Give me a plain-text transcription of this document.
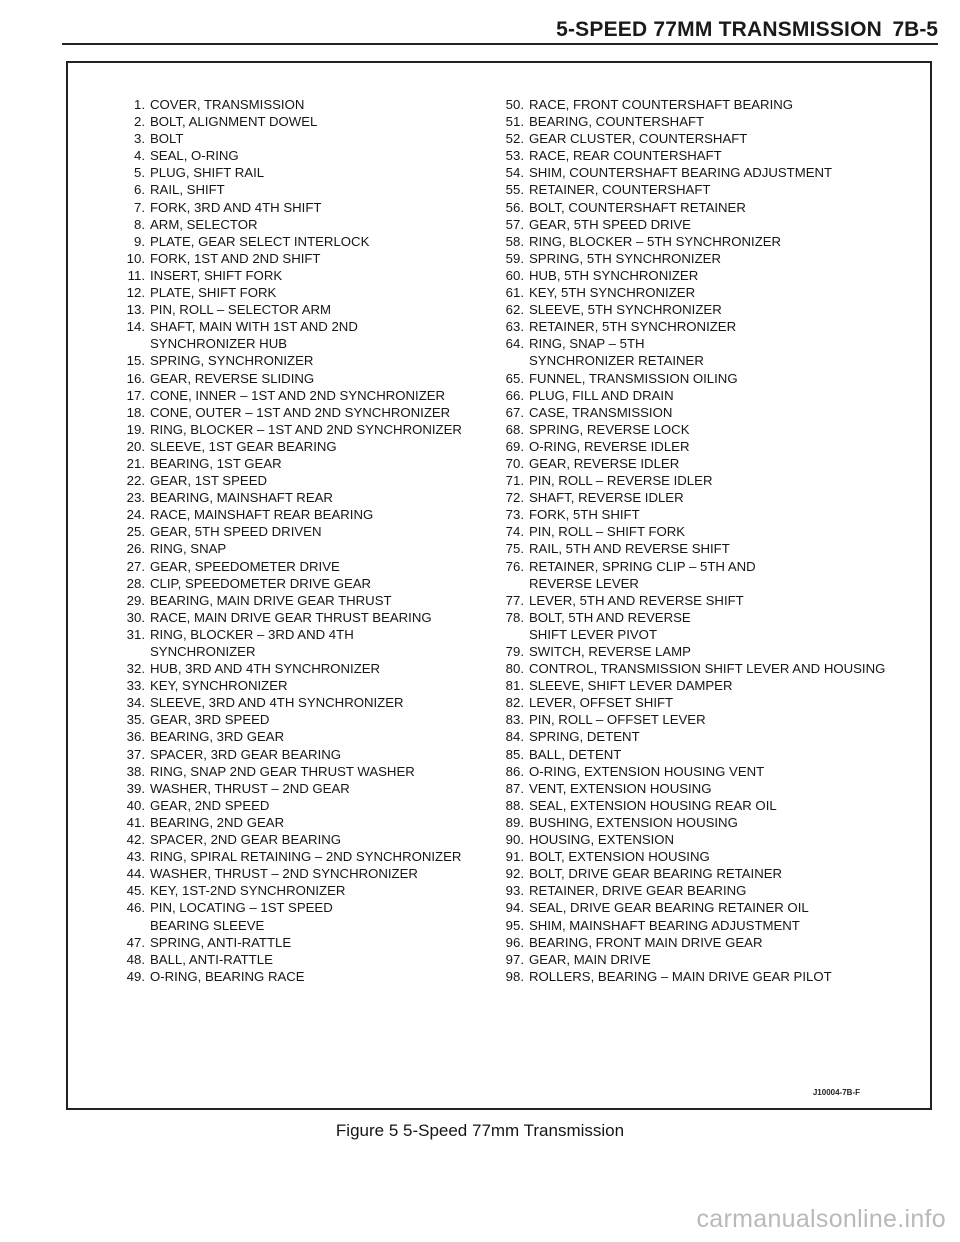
5-SPEED 77MM TRANSMISSION 7B-5
1. COVER, TRANSMISSION
2. BOLT, ALIGNMENT DOWEL
3. BOLT
4. SEAL, O-RING
5. PLUG, SHIFT RAIL
6. RAIL, SHIFT
7. FORK, 3RD AND 4TH SHIFT
8. ARM, SELECTOR
9. PLATE, GEAR SELECT INTERLOCK
10. FORK, 1ST AND 2ND SHIFT
11. INSERT, SHIFT FORK
12. PLATE, SHIFT FORK
13. PIN, ROLL – SELECTOR ARM
14. SHAFT, MAIN WITH 1ST AND 2ND
SYNCHRONIZER HUB
15. SPRING, SYNCHRONIZER
16. GEAR, REVERSE SLIDING
17. CONE, INNER – 1ST AND 2ND SYNCHRONIZER
18. CONE, OUTER – 1ST AND 2ND SYNCHRONIZER
19. RING, BLOCKER – 1ST AND 2ND SYNCHRONIZER
20. SLEEVE, 1ST GEAR BEARING
21. BEARING, 1ST GEAR
22. GEAR, 1ST SPEED
23. BEARING, MAINSHAFT REAR
24. RACE, MAINSHAFT REAR BEARING
25. GEAR, 5TH SPEED DRIVEN
26. RING, SNAP
27. GEAR, SPEEDOMETER DRIVE
28. CLIP, SPEEDOMETER DRIVE GEAR
29. BEARING, MAIN DRIVE GEAR THRUST
30. RACE, MAIN DRIVE GEAR THRUST BEARING
31. RING, BLOCKER – 3RD AND 4TH
SYNCHRONIZER
32. HUB, 3RD AND 4TH SYNCHRONIZER
33. KEY, SYNCHRONIZER
34. SLEEVE, 3RD AND 4TH SYNCHRONIZER
35. GEAR, 3RD SPEED
36. BEARING, 3RD GEAR
37. SPACER, 3RD GEAR BEARING
38. RING, SNAP 2ND GEAR THRUST WASHER
39. WASHER, THRUST – 2ND GEAR
40. GEAR, 2ND SPEED
41. BEARING, 2ND GEAR
42. SPACER, 2ND GEAR BEARING
43. RING, SPIRAL RETAINING – 2ND SYNCHRONIZER
44. WASHER, THRUST – 2ND SYNCHRONIZER
45. KEY, 1ST-2ND SYNCHRONIZER
46. PIN, LOCATING – 1ST SPEED
BEARING SLEEVE
47. SPRING, ANTI-RATTLE
48. BALL, ANTI-RATTLE
49. O-RING, BEARING RACE
50. RACE, FRONT COUNTERSHAFT BEARING
51. BEARING, COUNTERSHAFT
52. GEAR CLUSTER, COUNTERSHAFT
53. RACE, REAR COUNTERSHAFT
54. SHIM, COUNTERSHAFT BEARING ADJUSTMENT
55. RETAINER, COUNTERSHAFT
56. BOLT, COUNTERSHAFT RETAINER
57. GEAR, 5TH SPEED DRIVE
58. RING, BLOCKER – 5TH SYNCHRONIZER
59. SPRING, 5TH SYNCHRONIZER
60. HUB, 5TH SYNCHRONIZER
61. KEY, 5TH SYNCHRONIZER
62. SLEEVE, 5TH SYNCHRONIZER
63. RETAINER, 5TH SYNCHRONIZER
64. RING, SNAP – 5TH
SYNCHRONIZER RETAINER
65. FUNNEL, TRANSMISSION OILING
66. PLUG, FILL AND DRAIN
67. CASE, TRANSMISSION
68. SPRING, REVERSE LOCK
69. O-RING, REVERSE IDLER
70. GEAR, REVERSE IDLER
71. PIN, ROLL – REVERSE IDLER
72. SHAFT, REVERSE IDLER
73. FORK, 5TH SHIFT
74. PIN, ROLL – SHIFT FORK
75. RAIL, 5TH AND REVERSE SHIFT
76. RETAINER, SPRING CLIP – 5TH AND
REVERSE LEVER
77. LEVER, 5TH AND REVERSE SHIFT
78. BOLT, 5TH AND REVERSE
SHIFT LEVER PIVOT
79. SWITCH, REVERSE LAMP
80. CONTROL, TRANSMISSION SHIFT LEVER AND HOUSING
81. SLEEVE, SHIFT LEVER DAMPER
82. LEVER, OFFSET SHIFT
83. PIN, ROLL – OFFSET LEVER
84. SPRING, DETENT
85. BALL, DETENT
86. O-RING, EXTENSION HOUSING VENT
87. VENT, EXTENSION HOUSING
88. SEAL, EXTENSION HOUSING REAR OIL
89. BUSHING, EXTENSION HOUSING
90. HOUSING, EXTENSION
91. BOLT, EXTENSION HOUSING
92. BOLT, DRIVE GEAR BEARING RETAINER
93. RETAINER, DRIVE GEAR BEARING
94. SEAL, DRIVE GEAR BEARING RETAINER OIL
95. SHIM, MAINSHAFT BEARING ADJUSTMENT
96. BEARING, FRONT MAIN DRIVE GEAR
97. GEAR, MAIN DRIVE
98. ROLLERS, BEARING – MAIN DRIVE GEAR PILOT
J10004-7B-F
Figure 5 5-Speed 77mm Transmission
carmanualsonline.info
